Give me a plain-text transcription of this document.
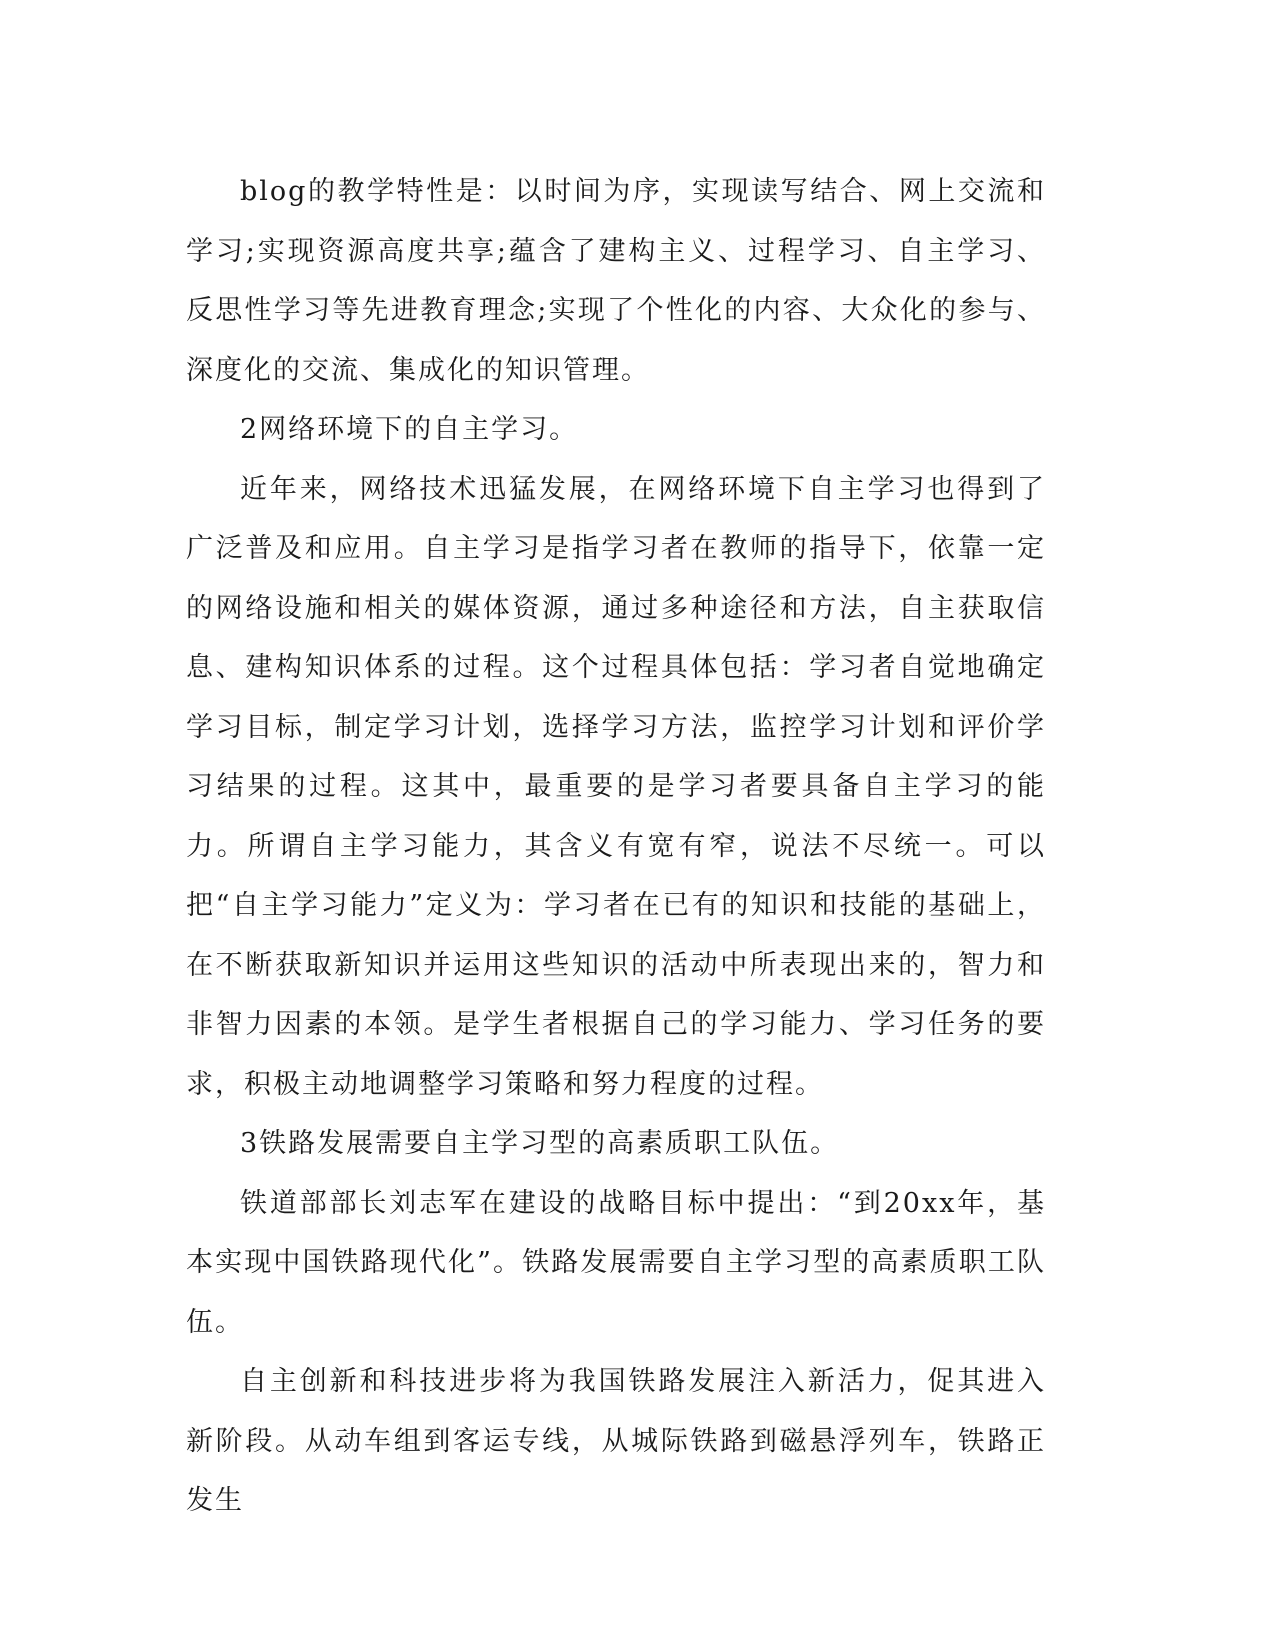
blog的教学特性是：以时间为序，实现读写结合、网上交流和学习;实现资源高度共享;蕴含了建构主义、过程学习、自主学习、反思性学习等先进教育理念;实现了个性化的内容、大众化的参与、深度化的交流、集成化的知识管理。

2网络环境下的自主学习。

近年来，网络技术迅猛发展，在网络环境下自主学习也得到了广泛普及和应用。自主学习是指学习者在教师的指导下，依靠一定的网络设施和相关的媒体资源，通过多种途径和方法，自主获取信息、建构知识体系的过程。这个过程具体包括：学习者自觉地确定学习目标，制定学习计划，选择学习方法，监控学习计划和评价学习结果的过程。这其中，最重要的是学习者要具备自主学习的能力。所谓自主学习能力，其含义有宽有窄，说法不尽统一。可以把“自主学习能力”定义为：学习者在已有的知识和技能的基础上，在不断获取新知识并运用这些知识的活动中所表现出来的，智力和非智力因素的本领。是学生者根据自己的学习能力、学习任务的要求，积极主动地调整学习策略和努力程度的过程。

3铁路发展需要自主学习型的高素质职工队伍。

铁道部部长刘志军在建设的战略目标中提出：“到20xx年，基本实现中国铁路现代化”。铁路发展需要自主学习型的高素质职工队伍。

自主创新和科技进步将为我国铁路发展注入新活力，促其进入新阶段。从动车组到客运专线，从城际铁路到磁悬浮列车，铁路正发生
